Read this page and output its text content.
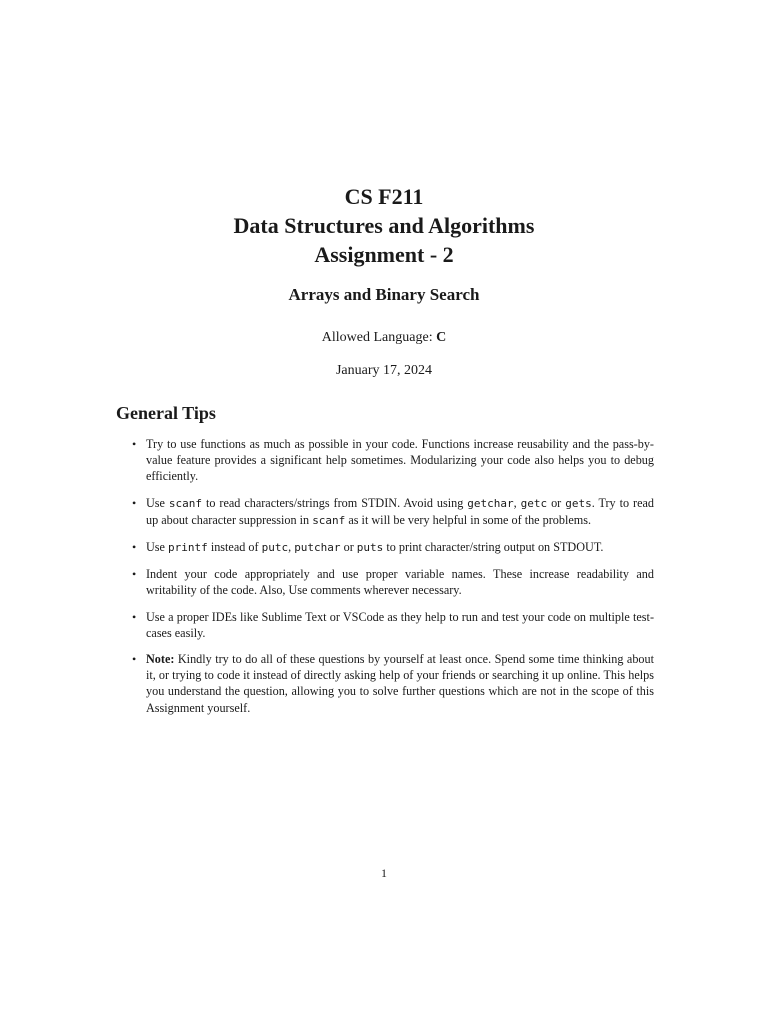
CS F211
Data Structures and Algorithms
Assignment - 2
Arrays and Binary Search
Allowed Language: C
January 17, 2024
General Tips
• Try to use functions as much as possible in your code. Functions increase reusability and the pass-by-value feature provides a significant help sometimes. Modularizing your code also helps you to debug efficiently.
• Use scanf to read characters/strings from STDIN. Avoid using getchar, getc or gets. Try to read up about character suppression in scanf as it will be very helpful in some of the problems.
• Use printf instead of putc, putchar or puts to print character/string output on STDOUT.
• Indent your code appropriately and use proper variable names. These increase readability and writability of the code. Also, Use comments wherever necessary.
• Use a proper IDEs like Sublime Text or VSCode as they help to run and test your code on multiple test-cases easily.
• Note: Kindly try to do all of these questions by yourself at least once. Spend some time thinking about it, or trying to code it instead of directly asking help of your friends or searching it up online. This helps you understand the question, allowing you to solve further questions which are not in the scope of this Assignment yourself.
1
